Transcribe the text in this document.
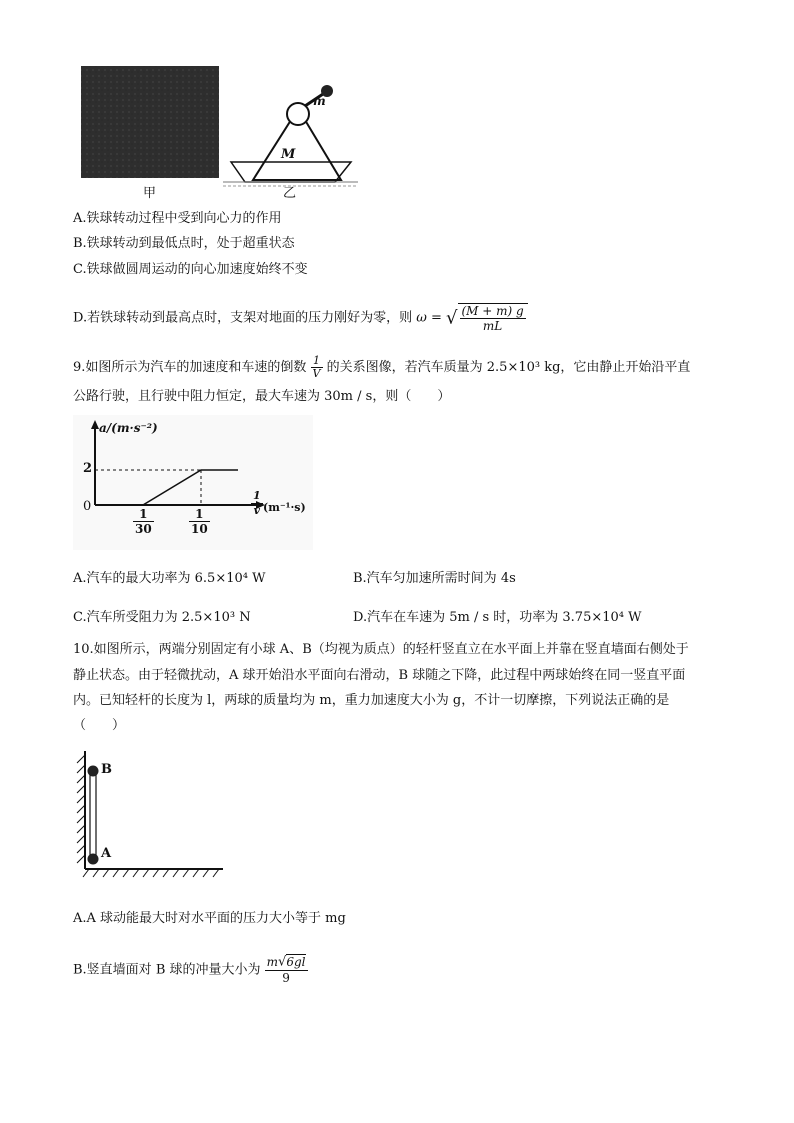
m
M
甲	乙
A.铁球转动过程中受到向心力的作用
B.铁球转动到最低点时，处于超重状态
C.铁球做圆周运动的向心加速度始终不变
D.若铁球转动到最高点时，支架对地面的压力刚好为零，则 ω = √ $\frac{(M + m) g}{mL}$
9.如图所示为汽车的加速度和车速的倒数 $\frac{1}{V}$ 的关系图像，若汽车质量为 2.5×10³ kg，它由静止开始沿平直
公路行驶，且行驶中阻力恒定，最大车速为 30m / s，则（　　）
a/(m·s⁻²)
2
0
$\frac{1}{30}$	$\frac{1}{10}$
$\frac{1}{v} (m^{-1}\cdot s)$
A.汽车的最大功率为 6.5×10⁴ W	B.汽车匀加速所需时间为 4s
C.汽车所受阻力为 2.5×10³ N	D.汽车在车速为 5m / s 时，功率为 3.75×10⁴ W
10.如图所示，两端分别固定有小球 A、B（均视为质点）的轻杆竖直立在水平面上并靠在竖直墙面右侧处于
静止状态。由于轻微扰动，A 球开始沿水平面向右滑动，B 球随之下降，此过程中两球始终在同一竖直平面
内。已知轻杆的长度为 l，两球的质量均为 m，重力加速度大小为 g，不计一切摩擦，下列说法正确的是
（　　）
B
A
A.A 球动能最大时对水平面的压力大小等于 mg
B.竖直墙面对 B 球的冲量大小为 $\frac{m√6gl}{9}$
